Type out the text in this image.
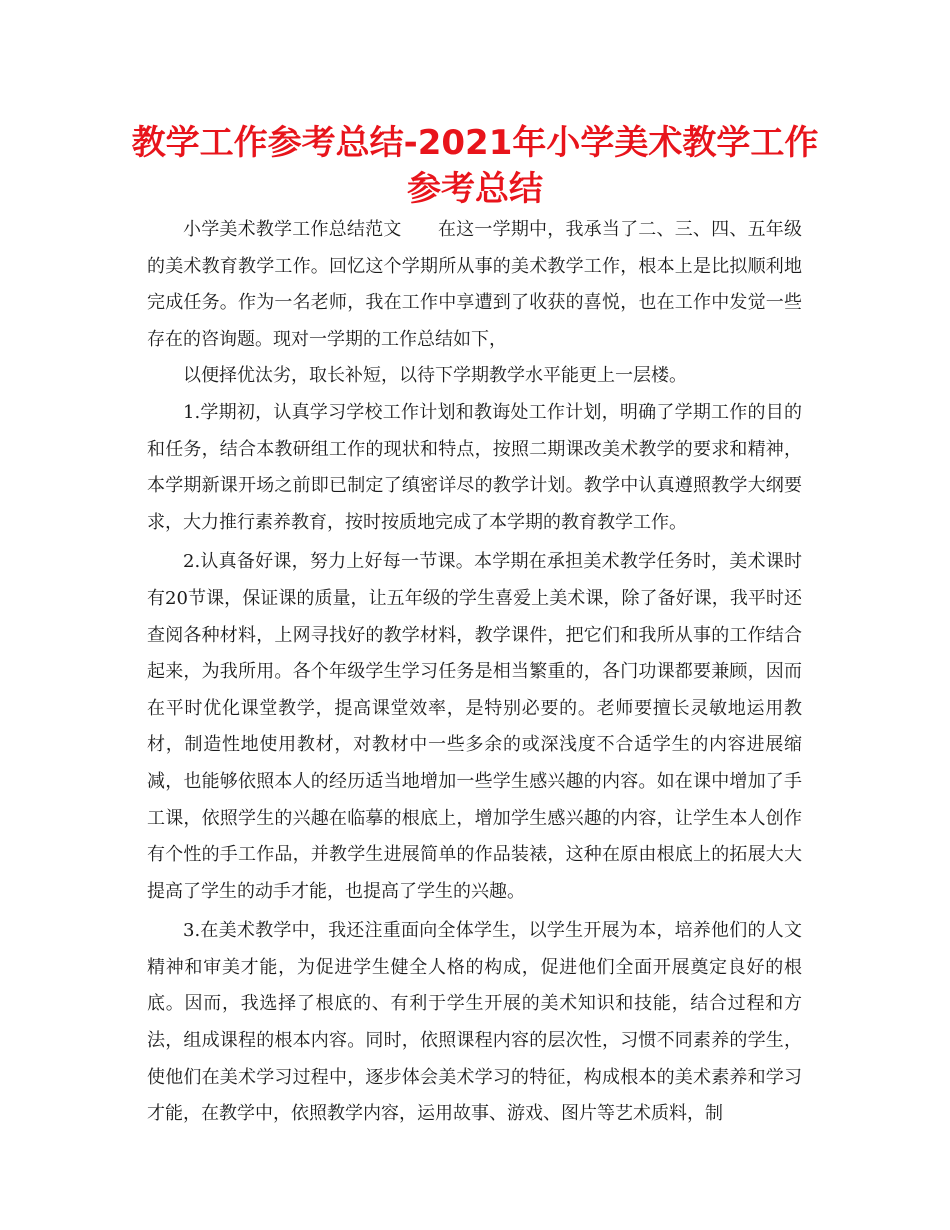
教学工作参考总结-2021年小学美术教学工作参考总结

小学美术教学工作总结范文　　在这一学期中，我承当了二、三、四、五年级的美术教育教学工作。回忆这个学期所从事的美术教学工作，根本上是比拟顺利地完成任务。作为一名老师，我在工作中享遭到了收获的喜悦，也在工作中发觉一些存在的咨询题。现对一学期的工作总结如下，

以便择优汰劣，取长补短，以待下学期教学水平能更上一层楼。

1.学期初，认真学习学校工作计划和教诲处工作计划，明确了学期工作的目的和任务，结合本教研组工作的现状和特点，按照二期课改美术教学的要求和精神，本学期新课开场之前即已制定了缜密详尽的教学计划。教学中认真遵照教学大纲要求，大力推行素养教育，按时按质地完成了本学期的教育教学工作。

2.认真备好课，努力上好每一节课。本学期在承担美术教学任务时，美术课时有20节课，保证课的质量，让五年级的学生喜爱上美术课，除了备好课，我平时还查阅各种材料，上网寻找好的教学材料，教学课件，把它们和我所从事的工作结合起来，为我所用。各个年级学生学习任务是相当繁重的，各门功课都要兼顾，因而在平时优化课堂教学，提高课堂效率，是特别必要的。老师要擅长灵敏地运用教材，制造性地使用教材，对教材中一些多余的或深浅度不合适学生的内容进展缩减，也能够依照本人的经历适当地增加一些学生感兴趣的内容。如在课中增加了手工课，依照学生的兴趣在临摹的根底上，增加学生感兴趣的内容，让学生本人创作有个性的手工作品，并教学生进展简单的作品装裱，这种在原由根底上的拓展大大提高了学生的动手才能，也提高了学生的兴趣。

3.在美术教学中，我还注重面向全体学生，以学生开展为本，培养他们的人文精神和审美才能，为促进学生健全人格的构成，促进他们全面开展奠定良好的根底。因而，我选择了根底的、有利于学生开展的美术知识和技能，结合过程和方法，组成课程的根本内容。同时，依照课程内容的层次性，习惯不同素养的学生，使他们在美术学习过程中，逐步体会美术学习的特征，构成根本的美术素养和学习才能，在教学中，依照教学内容，运用故事、游戏、图片等艺术质料，制
